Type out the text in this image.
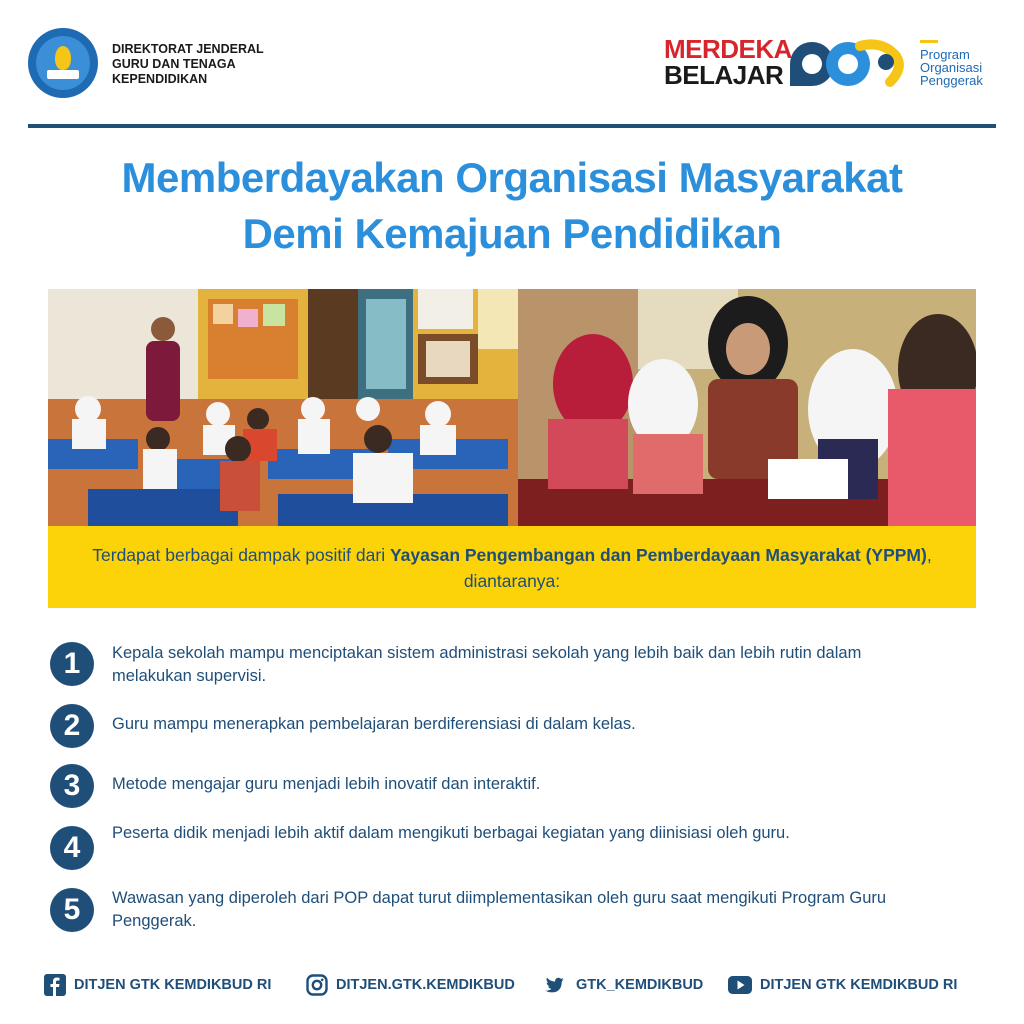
DIREKTORAT JENDERAL
GURU DAN TENAGA
KEPENDIDIKAN
MERDEKA
BELAJAR
Program
Organisasi
Penggerak
Memberdayakan Organisasi Masyarakat
Demi Kemajuan Pendidikan

Terdapat berbagai dampak positif dari Yayasan Pengembangan dan Pemberdayaan Masyarakat (YPPM), diantaranya:

1	Kepala sekolah mampu menciptakan sistem administrasi sekolah yang lebih baik dan lebih rutin dalam melakukan supervisi.
2	Guru mampu menerapkan pembelajaran berdiferensiasi di dalam kelas.
3	Metode mengajar guru menjadi lebih inovatif dan interaktif.
4	Peserta didik menjadi lebih aktif dalam mengikuti berbagai kegiatan yang diinisiasi oleh guru.
5	Wawasan yang diperoleh dari POP dapat turut diimplementasikan oleh guru saat mengikuti Program Guru Penggerak.
DITJEN GTK KEMDIKBUD RI	DITJEN.GTK.KEMDIKBUD	GTK_KEMDIKBUD	DITJEN GTK KEMDIKBUD RI
